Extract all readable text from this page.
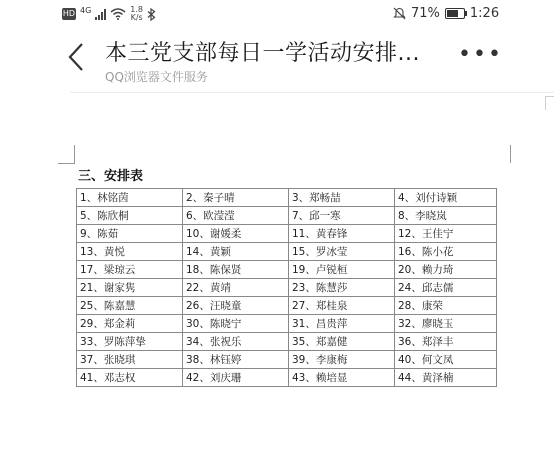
HD 4G	1.8
K/s	71% 1:26
本三党支部每日一学活动安排...
QQ浏览器文件服务
•••
三、安排表
1、林铭茵	2、秦子晴	3、郑畅喆	4、刘付诗颖
5、陈欣桐	6、欧滢滢	7、邱一寒	8、李晓岚
9、陈茹	10、谢媛柔	11、黄春锋	12、王佳宁
13、黄悦	14、黄颖	15、罗冰莹	16、陈小花
17、梁琼云	18、陈保贤	19、卢锐桓	20、赖力琦
21、谢家隽	22、黄靖	23、陈慧莎	24、邱志儒
25、陈嘉慧	26、汪晓童	27、郑桂泉	28、康荣
29、郑金莉	30、陈晓宁	31、昌贵萍	32、廖晓玉
33、罗陈萍挚	34、张祝乐	35、郑嘉健	36、郑泽丰
37、张晓琪	38、林钰婷	39、李康梅	40、何文凤
41、邓志权	42、刘庆珊	43、赖培显	44、黄泽楠
